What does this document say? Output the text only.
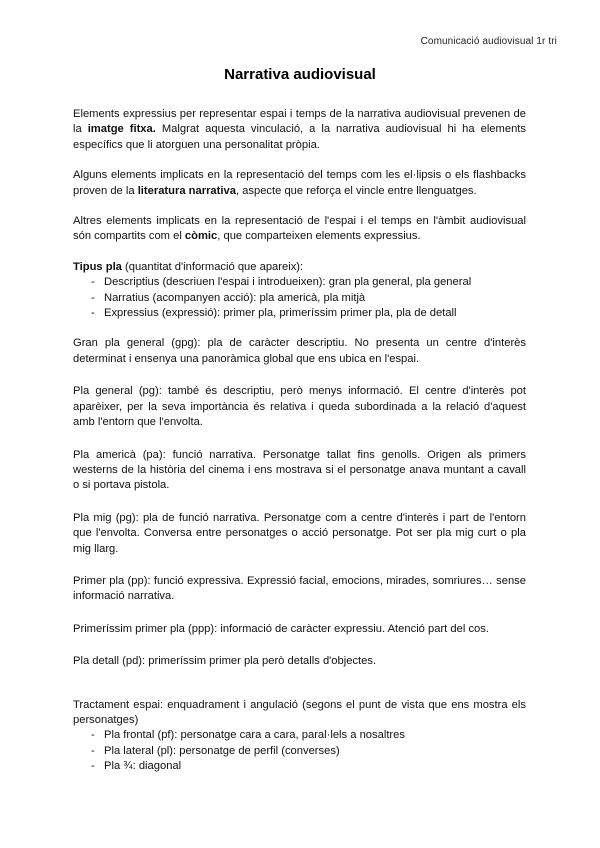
Comunicació audiovisual 1r tri
Narrativa audiovisual

Elements expressius per representar espai i temps de la narrativa audiovisual prevenen de la imatge fitxa. Malgrat aquesta vinculació, a la narrativa audiovisual hi ha elements específics que li atorguen una personalitat pròpia.

Alguns elements implicats en la representació del temps com les el·lipsis o els flashbacks proven de la literatura narrativa, aspecte que reforça el vincle entre llenguatges.

Altres elements implicats en la representació de l'espai i el temps en l'àmbit audiovisual són compartits com el còmic, que comparteixen elements expressius.

Tipus pla (quantitat d'informació que apareix):

- Descriptius (descriuen l'espai i introdueixen): gran pla general, pla general
- Narratius (acompanyen acció): pla americà, pla mitjà
- Expressius (expressió): primer pla, primeríssim primer pla, pla de detall

Gran pla general (gpg): pla de caràcter descriptiu. No presenta un centre d'interès determinat i ensenya una panoràmica global que ens ubica en l'espai.

Pla general (pg): també és descriptiu, però menys informació. El centre d'interès pot aparèixer, per la seva importància és relativa i queda subordinada a la relació d'aquest amb l'entorn que l'envolta.

Pla americà (pa): funció narrativa. Personatge tallat fins genolls. Origen als primers westerns de la història del cinema i ens mostrava si el personatge anava muntant a cavall o si portava pistola.

Pla mig (pg): pla de funció narrativa. Personatge com a centre d'interès i part de l'entorn que l'envolta. Conversa entre personatges o acció personatge. Pot ser pla mig curt o pla mig llarg.

Primer pla (pp): funció expressiva. Expressió facial, emocions, mirades, somriures… sense informació narrativa.

Primeríssim primer pla (ppp): informació de caràcter expressiu. Atenció part del cos.

Pla detall (pd): primeríssim primer pla però detalls d'objectes.

Tractament espai: enquadrament i angulació (segons el punt de vista que ens mostra els personatges)

- Pla frontal (pf): personatge cara a cara, paral·lels a nosaltres
- Pla lateral (pl): personatge de perfil (converses)
- Pla ¾: diagonal
